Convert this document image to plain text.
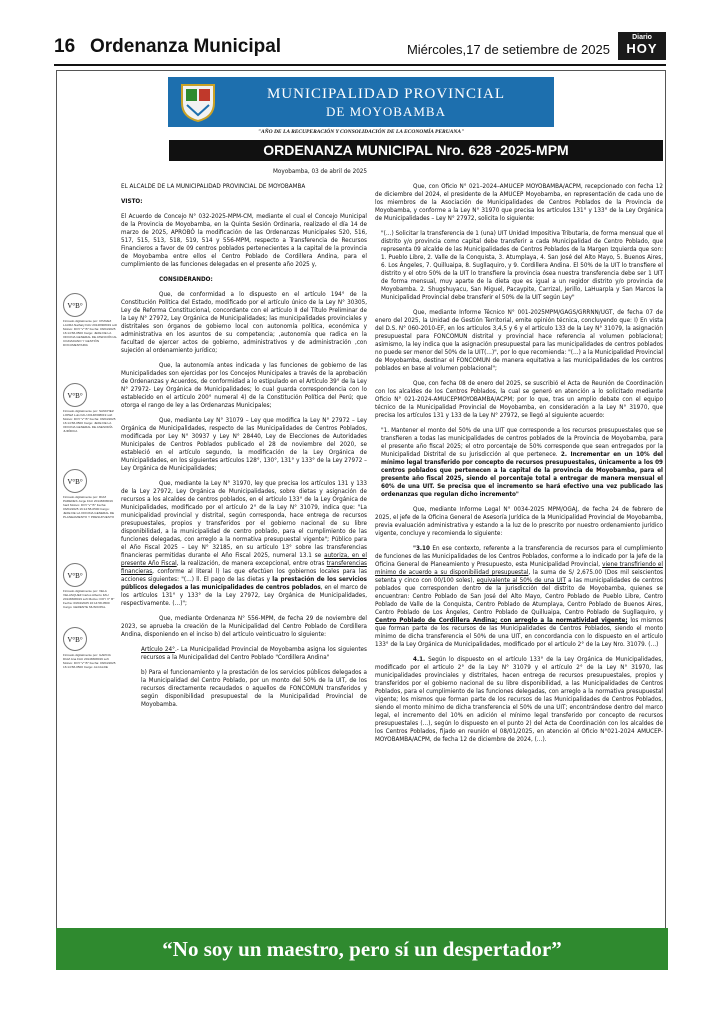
16 Ordenanza Municipal	Miércoles,17 de setiembre de 2025
Diario
HOY
MUNICIPALIDAD PROVINCIAL
DE MOYOBAMBA
"AÑO DE LA RECUPERACIÓN Y CONSOLIDACIÓN DE LA ECONOMÍA PERUANA"
ORDENANZA MUNICIPAL Nro. 628 -2025-MPM
V°B°
Firmado digitalmente por: CHAVEZ LAURA Nathaly FAU 20148308019 soft Motivo: DOY V° B° Fecha: 03/04/2025 16:14:58-0500 Cargo: JEFE DE LA OFICINA GENERAL DE ATENCIÓN AL CIUDADANO Y GESTIÓN DOCUMENTARIA
V°B°
Firmado digitalmente por: SANCHEZ LOPEZ Luis FAU 20148308019 soft Motivo: DOY V° B° Fecha: 03/04/2025 16:14:58-0500 Cargo: JEFE DE LA OFICINA GENERAL DE ASESORÍA JURÍDICA
V°B°
Firmado digitalmente por: RUIZ PAREDES Jorge FAU 20148308019 hard Motivo: DOY V° B° Fecha: 03/04/2025 16:14:58-0500 Cargo: JEFE DE LA OFICINA GENERAL DE PLANEAMIENTO Y PRESUPUESTO
V°B°
Firmado digitalmente por: VELA VELASQUEZ Carlos Alberto FAU 20148308019 soft Motivo: DOY V° B° Fecha: 03/04/2025 16:14:58-0500 Cargo: GERENTE MUNICIPAL
V°B°
Firmado digitalmente por: GARCIA DIAZ Ana FAU 20148308019 soft Motivo: DOY V° B° Fecha: 03/04/2025 16:14:58-0500 Cargo: ALCALDE

Moyobamba, 03 de abril de 2025

EL ALCALDE DE LA MUNICIPALIDAD PROVINCIAL DE MOYOBAMBA

VISTO:

El Acuerdo de Concejo N° 032-2025-MPM-CM, mediante el cual el Concejo Municipal de la Provincia de Moyobamba, en la Quinta Sesión Ordinaria, realizado el día 14 de marzo de 2025, APROBÓ la modificación de las Ordenanzas Municipales 520, 516, 517, 515, 513, 518, 519, 514 y 556-MPM, respecto a Transferencia de Recursos Financieros a favor de 09 centros poblados pertenecientes a la capital de la provincia de Moyobamba entre ellos el Centro Poblado de Cordillera Andina, para el cumplimiento de las funciones delegadas en el presente año 2025 y,

CONSIDERANDO:

Que, de conformidad a lo dispuesto en el artículo 194° de la Constitución Política del Estado, modificado por el artículo único de la Ley N° 30305, Ley de Reforma Constitucional, concordante con el artículo II del Título Preliminar de la Ley N° 27972, Ley Orgánica de Municipalidades; las municipalidades provinciales y distritales son órganos de gobierno local con autonomía política, económica y administrativa en los asuntos de su competencia; ,autonomía que radica en la facultad de ejercer actos de gobierno, administrativos y de administración ,con sujeción al ordenamiento jurídico;

Que, la autonomía antes indicada y las funciones de gobierno de las Municipalidades son ejercidas por los Concejos Municipales a través de la aprobación de Ordenanzas y Acuerdos, de conformidad a lo estipulado en el Artículo 39° de la Ley N° 27972- Ley Orgánica de Municipalidades; lo cual guarda correspondencia con lo establecido en el artículo 200° numeral 4) de la Constitución Política del Perú; que otorga el rango de ley a las Ordenanzas Municipales;

Que, mediante Ley N° 31079 – Ley que modifica la Ley N° 27972 – Ley Orgánica de Municipalidades, respecto de las Municipalidades de Centros Poblados, modificada por Ley N° 30937 y Ley N° 28440, Ley de Elecciones de Autoridades Municipales de Centros Poblados publicado el 28 de noviembre del 2020, se estableció en el artículo segundo, la modificación de la Ley Orgánica de Municipalidades, en los siguientes artículos 128°, 130°, 131° y 133° de la Ley 27972 – Ley Orgánica de Municipalidades;

Que, mediante la Ley N° 31970, ley que precisa los artículos 131 y 133 de la Ley 27972, Ley Orgánica de Municipalidades, sobre dietas y asignación de recursos a los alcaldes de centros poblados, en el artículo 133° de la Ley Orgánica de Municipalidades, modificado por el artículo 2° de la Ley N° 31079, indica que: "La municipalidad provincial y distrital, según corresponda, hace entrega de recursos presupuestales, propios y transferidos por el gobierno nacional de su libre disponibilidad, a la municipalidad de centro poblado, para el cumplimiento de las funciones delegadas, con arreglo a la normativa presupuestal vigente"; Público para el Año Fiscal 2025 – Ley N° 32185, en su artículo 13° sobre las transferencias financieras permitidas durante el Año Fiscal 2025, numeral 13.1 se autoriza, en el presente Año Fiscal, la realización, de manera excepcional, entre otras transferencias financieras, conforme al literal l) las que efectúen los gobiernos locales para las acciones siguientes: "(…) ll. El pago de las dietas y la prestación de los servicios públicos delegados a las municipalidades de centros poblados, en el marco de los artículos 131° y 133° de la Ley 27972, Ley Orgánica de Municipalidades, respectivamente. (…)";

Que, mediante Ordenanza N° 556-MPM, de fecha 29 de noviembre del 2023, se aprueba la creación de la Municipalidad del Centro Poblado de Cordillera Andina, disponiendo en el inciso b) del artículo veinticuatro lo siguiente:

Artículo 24°.- La Municipalidad Provincial de Moyobamba asigna los siguientes recursos a la Municipalidad del Centro Poblado "Cordillera Andina"

b) Para el funcionamiento y la prestación de los servicios públicos delegados a la Municipalidad del Centro Poblado, por un monto del 50% de la UIT, de los recursos directamente recaudados o aquellos de FONCOMUN transferidos y según disponibilidad presupuestal de la Municipalidad Provincial de Moyobamba.

Que, con Oficio N° 021–2024–AMUCEP MOYOBAMBA/ACPM, recepcionado con fecha 12 de diciembre del 2024, el presidente de la AMUCEP Moyobamba, en representación de cada uno de los miembros de la Asociación de Municipalidades de Centros Poblados de la Provincia de Moyobamba, y conforme a la Ley N° 31970 que precisa los artículos 131° y 133° de la Ley Orgánica de Municipalidades – Ley N° 27972, solicita lo siguiente:

"(…) Solicitar la transferencia de 1 (una) UIT Unidad Impositiva Tributaria, de forma mensual que el distrito y/o provincia como capital debe transferir a cada Municipalidad de Centro Poblado, que representa 09 alcalde de las Municipalidades de Centros Poblados de la Margen Izquierda que son: 1. Pueblo Libre, 2. Valle de la Conquista, 3. Atumplaya, 4. San José del Alto Mayo, 5. Buenos Aires, 6. Los Ángeles, 7. Quilluaipa, 8. Sugllaquiro, y 9. Cordillera Andina. El 50% de la UIT lo transfiere el distrito y el otro 50% de la UIT lo transfiere la provincia ósea nuestra transferencia debe ser 1 UIT de forma mensual, muy aparte de la dieta que es igual a un regidor distrito y/o provincia de Moyobamba. 2. Shugshuyacu, San Miguel, Pacaypite, Carrizal, Jerillo, LaHuarpla y San Marcos la Municipalidad Provincial debe transferir el 50% de la UIT según Ley"

Que, mediante Informe Técnico N° 001-2025MPM/GAGS/GRRNN/UGT, de fecha 07 de enero del 2025, la Unidad de Gestión Territorial, emite opinión técnica, concluyendo que: I) En vista del D.S. N° 060-2010-EF, en los artículos 3,4,5 y 6 y el artículo 133 de la Ley N° 31079, la asignación presupuestal para FONCOMUN distrital y provincial hace referencia al volumen poblacional; asimismo, la ley indica que la asignación presupuestal para las municipalidades de centros poblados no puede ser menor del 50% de la UIT(…)", por lo que recomienda: "(…) a la Municipalidad Provincial de Moyobamba, destinar el FONCOMUN de manera equitativa a las municipalidades de los centros poblados en base al volumen poblacional";

Que, con fecha 08 de enero del 2025, se suscribió el Acta de Reunión de Coordinación con los alcaldes de los Centros Poblados, la cual se generó en atención a lo solicitado mediante Oficio N° 021-2024-AMUCEPMOYOBAMBA/ACPM; por lo que, tras un amplio debate con el equipo técnico de la Municipalidad Provincial de Moyobamba, en consideración a la Ley N° 31970, que precisa los artículos 131 y 133 de la Ley N° 27972, se llegó al siguiente acuerdo:

"1. Mantener el monto del 50% de una UIT que corresponde a los recursos presupuestales que se transfieren a todas las municipalidades de centros poblados de la Provincia de Moyobamba, para el presente año fiscal 2025; el otro porcentaje de 50% corresponde que sean entregados por la Municipalidad Distrital de su jurisdicción al que pertenece. 2. Incrementar en un 10% del mínimo legal transferido por concepto de recursos presupuestales, únicamente a los 09 centros poblados que pertenecen a la capital de la provincia de Moyobamba, para el presente año fiscal 2025, siendo el porcentaje total a entregar de manera mensual el 60% de una UIT. Se precisa que el incremento se hará efectivo una vez publicado las ordenanzas que regulan dicho incremento"

Que, mediante Informe Legal N° 0034-2025 MPM/OGAJ, de fecha 24 de febrero de 2025, el jefe de la Oficina General de Asesoría Jurídica de la Municipalidad Provincial de Moyobamba, previa evaluación administrativa y estando a la luz de lo prescrito por nuestro ordenamiento jurídico vigente, concluye y recomienda lo siguiente:

"3.10 En ese contexto, referente a la transferencia de recursos para el cumplimiento de funciones de las Municipalidades de los Centros Poblados, conforme a lo indicado por la Jefe de la Oficina General de Planeamiento y Presupuesto, esta Municipalidad Provincial, viene transfiriendo el mínimo de acuerdo a su disponibilidad presupuestal, la suma de S/ 2,675.00 (Dos mil seiscientos setenta y cinco con 00/100 soles), equivalente al 50% de una UIT a las municipalidades de centros poblados que corresponden dentro de la jurisdicción del distrito de Moyobamba, quienes se encuentran: Centro Poblado de San José del Alto Mayo, Centro Poblado de Pueblo Libre, Centro Poblado de Valle de la Conquista, Centro Poblado de Atumplaya, Centro Poblado de Buenos Aires, Centro Poblado de Los Ángeles, Centro Poblado de Quilluaipa, Centro Poblado de Sugllaquiro, y Centro Poblado de Cordillera Andina; con arreglo a la normatividad vigente; los mismos que forman parte de los recursos de las Municipalidades de Centros Poblados, siendo el monto mínimo de dicha transferencia el 50% de una UIT, en concordancia con lo dispuesto en el artículo 133° de la Ley Orgánica de Municipalidades, modificado por el artículo 2° de la Ley Nro. 31079. (…)

4.1. Según lo dispuesto en el artículo 133° de la Ley Orgánica de Municipalidades, modificado por el artículo 2° de la Ley N° 31079 y el artículo 2° de la Ley N° 31970, las municipalidades provinciales y distritales, hacen entrega de recursos presupuestales, propios y transferidos por el gobierno nacional de su libre disponibilidad, a las Municipalidades de Centros Poblados, para el cumplimiento de las funciones delegadas, con arreglo a la normativa presupuestal vigente; los mismos que forman parte de los recursos de las Municipalidades de Centros Poblados, siendo el monto mínimo de dicha transferencia el 50% de una UIT; encontrándose dentro del marco legal, el incremento del 10% en adición el mínimo legal transferido por concepto de recursos presupuestales (…), según lo dispuesto en el punto 2) del Acta de Coordinación con los alcaldes de los Centros Poblados, fijado en reunión el 08/01/2025, en atención al Oficio N°021-2024 AMUCEP-MOYOBAMBA/ACPM, de fecha 12 de diciembre de 2024, (…).

“No soy un maestro, pero sí un despertador”
